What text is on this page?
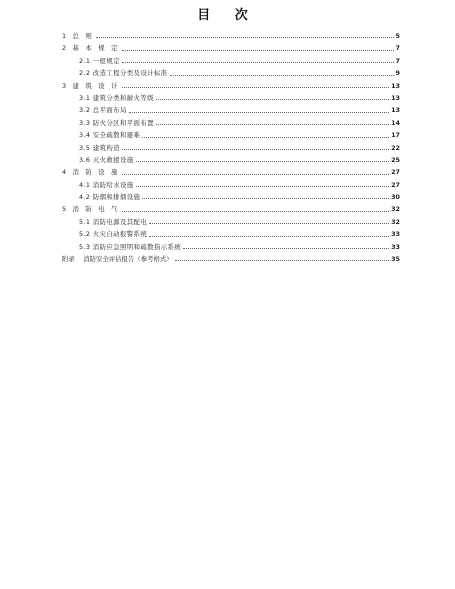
目 次
1 总 则	5
2 基 本 规 定	7
2.1 一般规定	7
2.2 改造工程分类及设计标准	9
3 建 筑 设 计	13
3.1 建筑分类和耐火等级	13
3.2 总平面布局	13
3.3 防火分区和平面布置	14
3.4 安全疏散和避难	17
3.5 建筑构造	22
3.6 灭火救援设施	25
4 消 防 设 施	27
4.1 消防给水设施	27
4.2 防烟和排烟设施	30
5 消 防 电 气	32
5.1 消防电源及其配电	32
5.2 火灾自动报警系统	33
5.3 消防应急照明和疏散指示系统	33
附录　 消防安全评估报告（参考格式）	35
